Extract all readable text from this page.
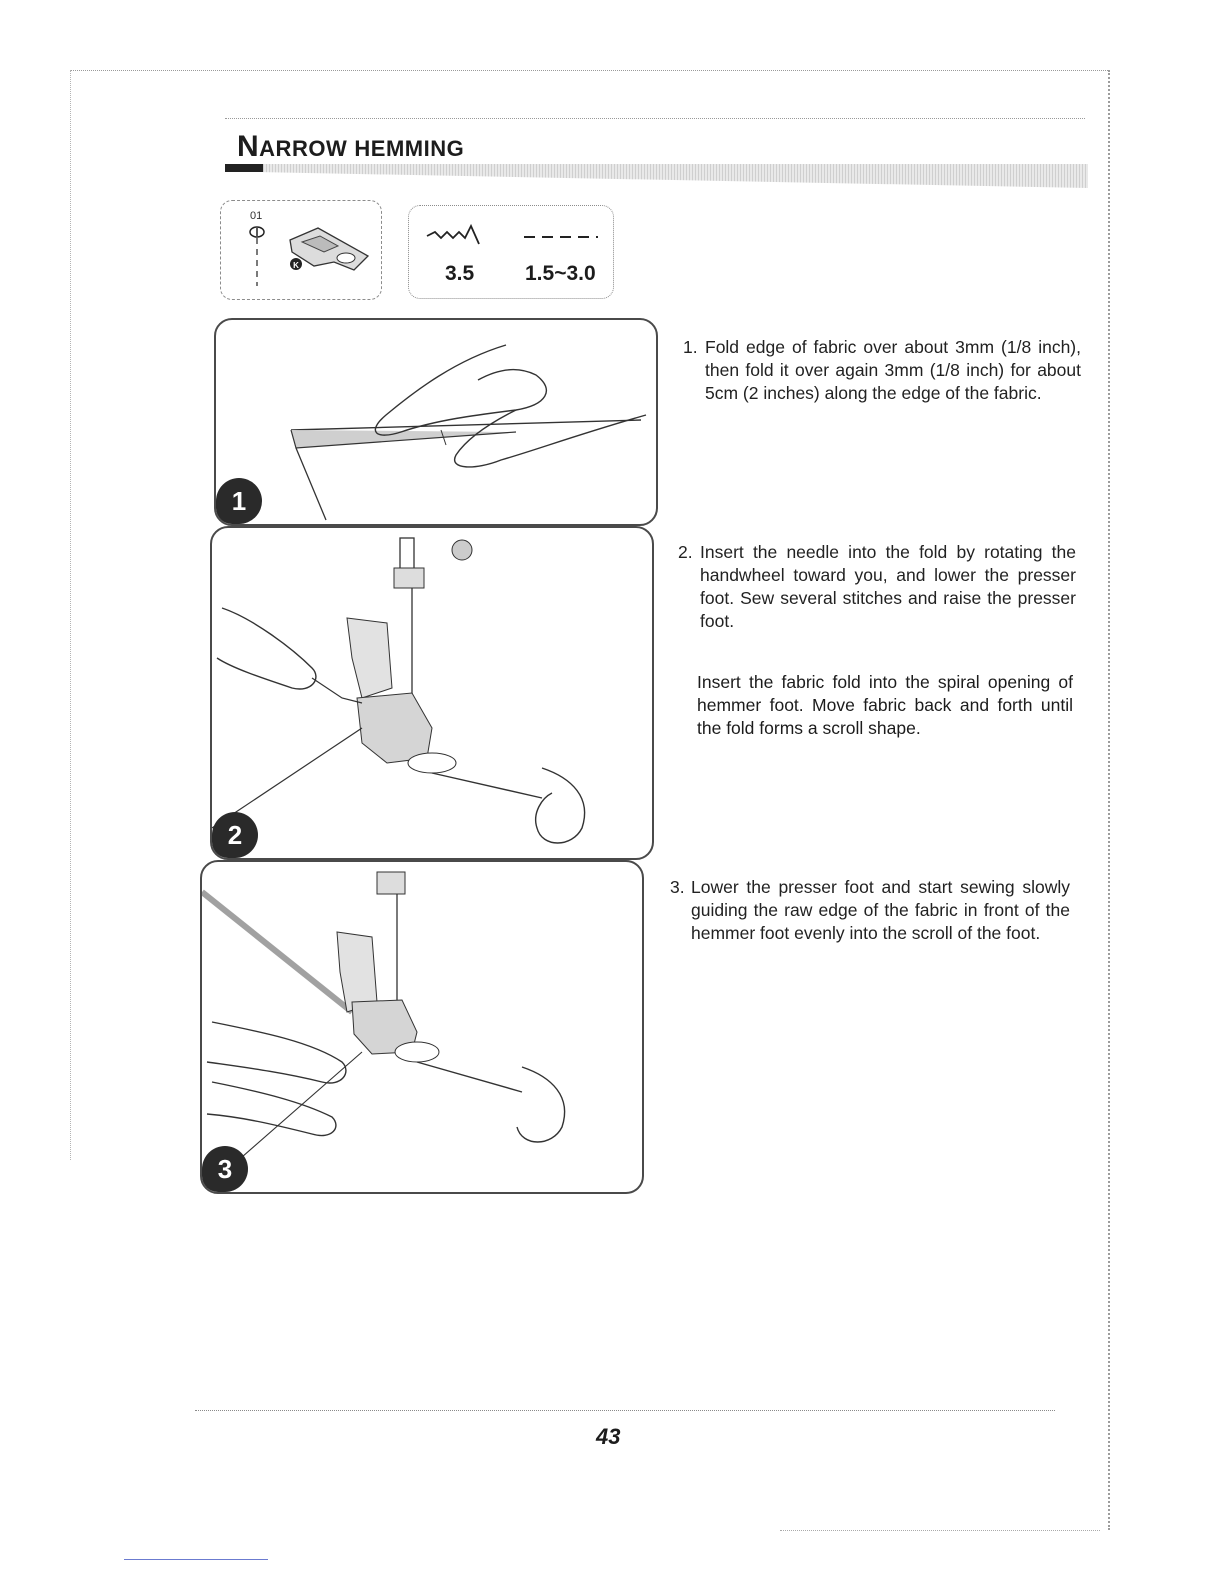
NARROW HEMMING
01
K	3.5 1.5~3.0
1
2
3
1. Fold edge of fabric over about 3mm (1/8 inch), then fold it over again 3mm (1/8 inch) for about 5cm (2 inches) along the edge of the fabric.
2. Insert the needle into the fold by rotating the handwheel toward you, and lower the presser foot. Sew several stitches and raise the presser foot.
Insert the fabric fold into the spiral opening of hemmer foot. Move fabric back and forth until the fold forms a scroll shape.
3. Lower the presser foot and start sewing slowly guiding the raw edge of the fabric in front of the hemmer foot evenly into the scroll of the foot.
43
